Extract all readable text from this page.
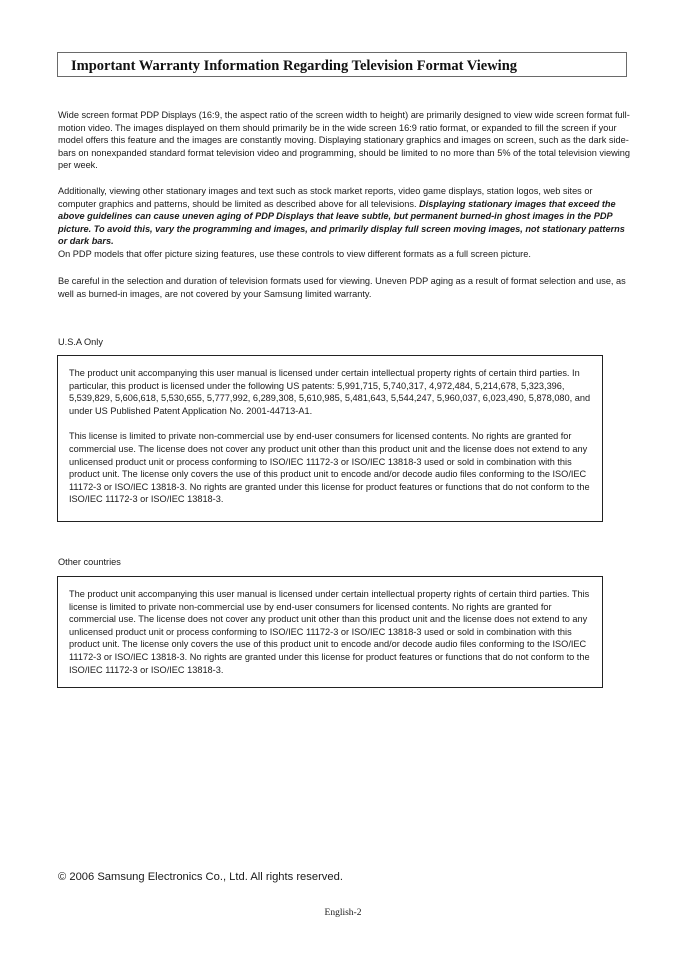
Important Warranty Information Regarding Television Format Viewing

Wide screen format PDP Displays (16:9, the aspect ratio of the screen width to height) are primarily designed to view wide screen format full-motion video. The images displayed on them should primarily be in the wide screen 16:9 ratio format, or expanded to fill the screen if your model offers this feature and the images are constantly moving. Displaying stationary graphics and images on screen, such as the dark side-bars on nonexpanded standard format television video and programming, should be limited to no more than 5% of the total television viewing per week.

Additionally, viewing other stationary images and text such as stock market reports, video game displays, station logos, web sites or computer graphics and patterns, should be limited as described above for all televisions. Displaying stationary images that exceed the above guidelines can cause uneven aging of PDP Displays that leave subtle, but permanent burned-in ghost images in the PDP picture. To avoid this, vary the programming and images, and primarily display full screen moving images, not stationary patterns or dark bars.
On PDP models that offer picture sizing features, use these controls to view different formats as a full screen picture.

Be careful in the selection and duration of television formats used for viewing. Uneven PDP aging as a result of format selection and use, as well as burned-in images, are not covered by your Samsung limited warranty.

U.S.A Only

The product unit accompanying this user manual is licensed under certain intellectual property rights of certain third parties. In particular, this product is licensed under the following US patents: 5,991,715, 5,740,317, 4,972,484, 5,214,678, 5,323,396, 5,539,829, 5,606,618, 5,530,655, 5,777,992, 6,289,308, 5,610,985, 5,481,643, 5,544,247, 5,960,037, 6,023,490, 5,878,080, and under US Published Patent Application No. 2001-44713-A1.

This license is limited to private non-commercial use by end-user consumers for licensed contents. No rights are granted for commercial use. The license does not cover any product unit other than this product unit and the license does not extend to any unlicensed product unit or process conforming to ISO/IEC 11172-3 or ISO/IEC 13818-3 used or sold in combination with this product unit. The license only covers the use of this product unit to encode and/or decode audio files conforming to the ISO/IEC 11172-3 or ISO/IEC 13818-3. No rights are granted under this license for product features or functions that do not conform to the ISO/IEC 11172-3 or ISO/IEC 13818-3.

Other countries

The product unit accompanying this user manual is licensed under certain intellectual property rights of certain third parties. This license is limited to private non-commercial use by end-user consumers for licensed contents. No rights are granted for commercial use. The license does not cover any product unit other than this product unit and the license does not extend to any unlicensed product unit or process conforming to ISO/IEC 11172-3 or ISO/IEC 13818-3 used or sold in combination with this product unit. The license only covers the use of this product unit to encode and/or decode audio files conforming to the ISO/IEC 11172-3 or ISO/IEC 13818-3. No rights are granted under this license for product features or functions that do not conform to the ISO/IEC 11172-3 or ISO/IEC 13818-3.

© 2006 Samsung Electronics Co., Ltd. All rights reserved.

English-2
